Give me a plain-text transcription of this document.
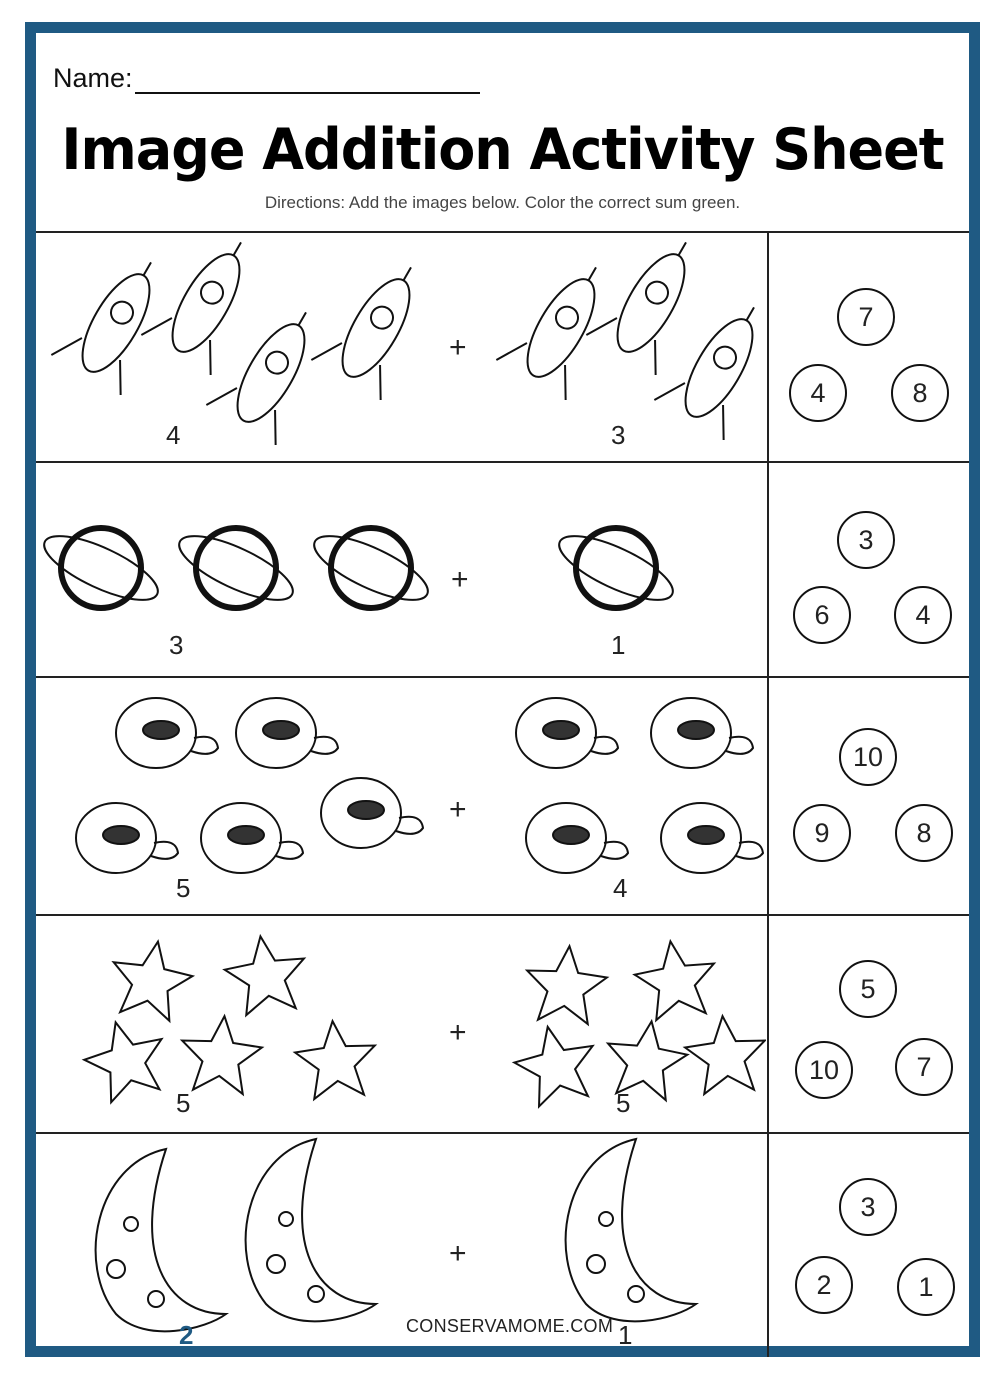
Name:
Image Addition Activity Sheet
Directions: Add the images below. Color the correct sum green.
4
+
3
7
4	8
3
+
1
3
6	4
5
+
4
10
9	8
5
+
5
5
10	7
2
+
1
3
2	1
CONSERVAMOME.COM
